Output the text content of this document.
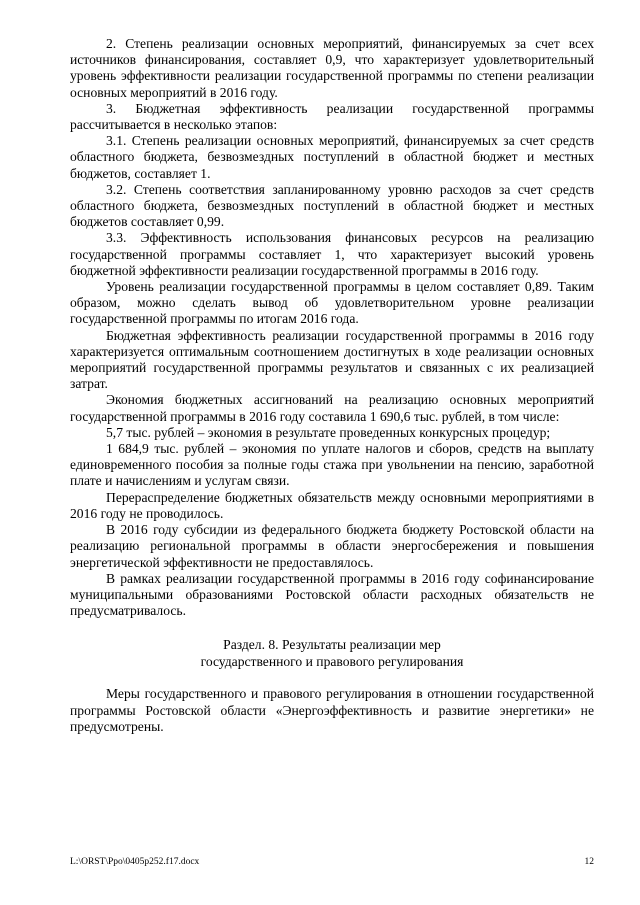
2. Степень реализации основных мероприятий, финансируемых за счет всех источников финансирования, составляет 0,9, что характеризует удовлетворительный уровень эффективности реализации государственной программы по степени реализации основных мероприятий в 2016 году.

3. Бюджетная эффективность реализации государственной программы рассчитывается в несколько этапов:

3.1. Степень реализации основных мероприятий, финансируемых за счет средств областного бюджета, безвозмездных поступлений в областной бюджет и местных бюджетов, составляет 1.

3.2. Степень соответствия запланированному уровню расходов за счет средств областного бюджета, безвозмездных поступлений в областной бюджет и местных бюджетов составляет 0,99.

3.3. Эффективность использования финансовых ресурсов на реализацию государственной программы составляет 1, что характеризует высокий уровень бюджетной эффективности реализации государственной программы в 2016 году.

Уровень реализации государственной программы в целом составляет 0,89. Таким образом, можно сделать вывод об удовлетворительном уровне реализации государственной программы по итогам 2016 года.

Бюджетная эффективность реализации государственной программы в 2016 году характеризуется оптимальным соотношением достигнутых в ходе реализации основных мероприятий государственной программы результатов и связанных с их реализацией затрат.

Экономия бюджетных ассигнований на реализацию основных мероприятий государственной программы в 2016 году составила 1 690,6 тыс. рублей, в том числе:

5,7 тыс. рублей – экономия в результате проведенных конкурсных процедур;

1 684,9 тыс. рублей – экономия по уплате налогов и сборов, средств на выплату единовременного пособия за полные годы стажа при увольнении на пенсию, заработной плате и начислениям и услугам связи.

Перераспределение бюджетных обязательств между основными мероприятиями в 2016 году не проводилось.

В 2016 году субсидии из федерального бюджета бюджету Ростовской области на реализацию региональной программы в области энергосбережения и повышения энергетической эффективности не предоставлялось.

В рамках реализации государственной программы в 2016 году софинансирование муниципальными образованиями Ростовской области расходных обязательств не предусматривалось.

Раздел. 8. Результаты реализации мер

государственного и правового регулирования

Меры государственного и правового регулирования в отношении государственной программы Ростовской области «Энергоэффективность и развитие энергетики» не предусмотрены.

L:\ORST\Ppo\0405p252.f17.docx	12
